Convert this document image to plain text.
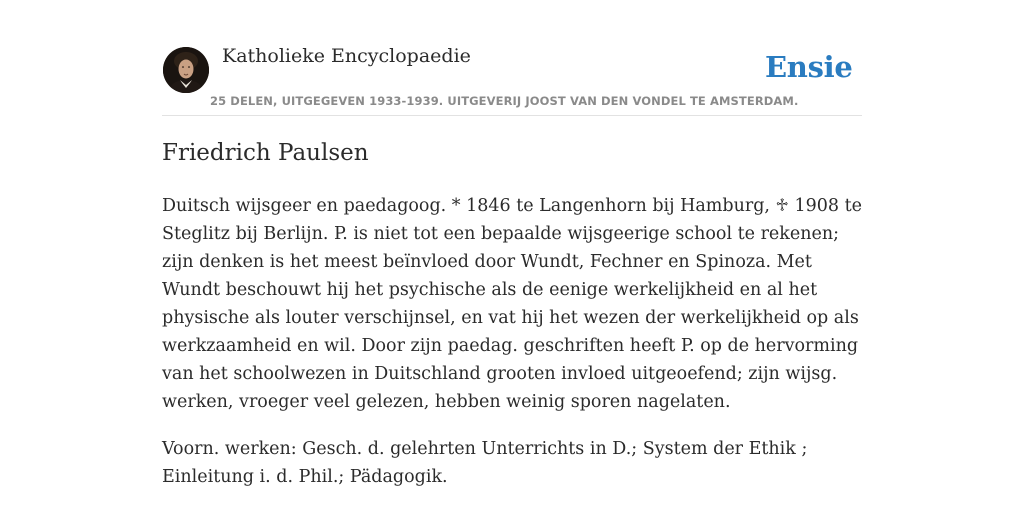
Katholieke Encyclopaedie	Ensie
25 DELEN, UITGEGEVEN 1933-1939. UITGEVERIJ JOOST VAN DEN VONDEL TE AMSTERDAM.
Friedrich Paulsen

Duitsch wijsgeer en paedagoog. * 1846 te Langenhorn bij Hamburg, ♱ 1908 te Steglitz bij Berlijn. P. is niet tot een bepaalde wijsgeerige school te rekenen; zijn denken is het meest beïnvloed door Wundt, Fechner en Spinoza. Met Wundt beschouwt hij het psychische als de eenige werkelijkheid en al het physische als louter verschijnsel, en vat hij het wezen der werkelijkheid op als werkzaamheid en wil. Door zijn paedag. geschriften heeft P. op de hervorming van het schoolwezen in Duitschland grooten invloed uitgeoefend; zijn wijsg. werken, vroeger veel gelezen, hebben weinig sporen nagelaten.

Voorn. werken: Gesch. d. gelehrten Unterrichts in D.; System der Ethik ; Einleitung i. d. Phil.; Pädagogik.
